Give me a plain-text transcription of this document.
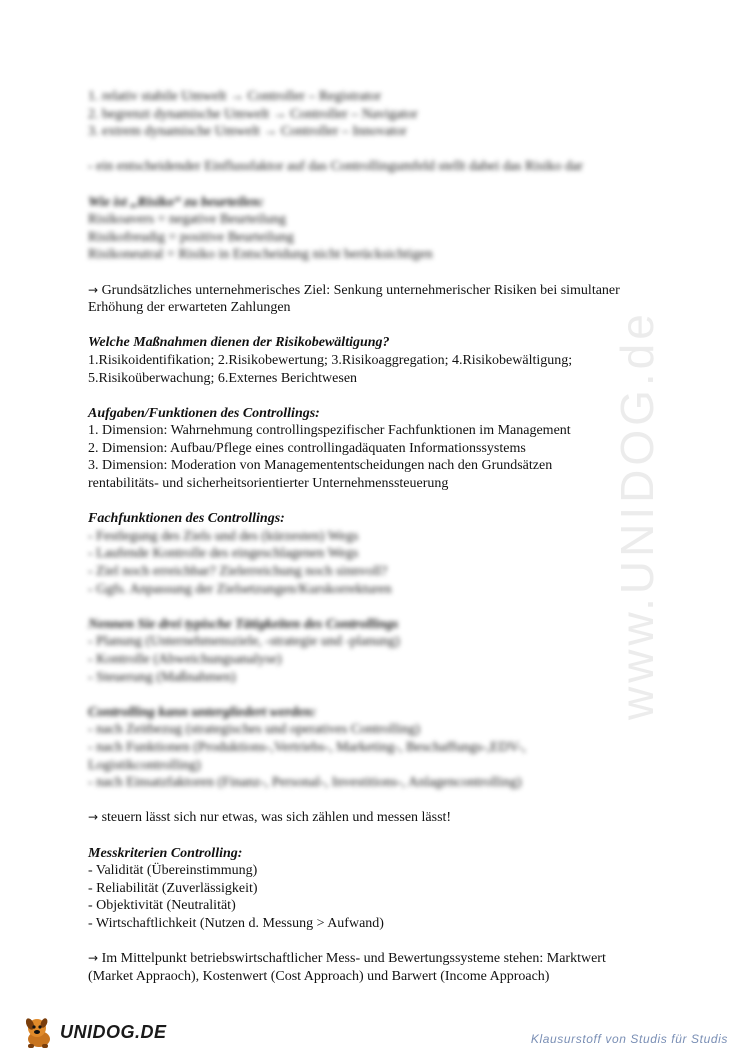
www.UNIDOG.de
1. relativ stabile Umwelt → Controller – Registrator
2. begrenzt dynamische Umwelt → Controller – Navigator
3. extrem dynamische Umwelt → Controller – Innovator
- ein entscheidender Einflussfaktor auf das Controllingumfeld stellt dabei das Risiko dar
Wie ist „Risiko“ zu beurteilen:
Risikoavers = negative Beurteilung
Risikofreudig = positive Beurteilung
Risikoneutral = Risiko in Entscheidung nicht berücksichtigen
→ Grundsätzliches unternehmerisches Ziel: Senkung unternehmerischer Risiken bei simultaner Erhöhung der erwarteten Zahlungen
Welche Maßnahmen dienen der Risikobewältigung?
1.Risikoidentifikation; 2.Risikobewertung; 3.Risikoaggregation; 4.Risikobewältigung;
5.Risikoüberwachung; 6.Externes Berichtwesen
Aufgaben/Funktionen des Controllings:
1. Dimension: Wahrnehmung controllingspezifischer Fachfunktionen im Management
2. Dimension: Aufbau/Pflege eines controllingadäquaten Informationssystems
3. Dimension: Moderation von Managemententscheidungen nach den Grundsätzen
rentabilitäts- und sicherheitsorientierter Unternehmenssteuerung
Fachfunktionen des Controllings:
- Festlegung des Ziels und des (kürzesten) Wegs
- Laufende Kontrolle des eingeschlagenen Wegs
- Ziel noch erreichbar? Zielerreichung noch sinnvoll?
- Ggfs. Anpassung der Zielsetzungen/Kurskorrekturen
Nennen Sie drei typische Tätigkeiten des Controllings
- Planung (Unternehmensziele, -strategie und -planung)
- Kontrolle (Abweichungsanalyse)
- Steuerung (Maßnahmen)
Controlling kann untergliedert werden:
- nach Zeitbezug (strategisches und operatives Controlling)
- nach Funktionen (Produktions-,Vertriebs-, Marketing-, Beschaffungs-,EDV-,
Logistikcontrolling)
- nach Einsatzfaktoren (Finanz-, Personal-, Investitions-, Anlagencontrolling)
→ steuern lässt sich nur etwas, was sich zählen und messen lässt!
Messkriterien Controlling:
- Validität (Übereinstimmung)
- Reliabilität (Zuverlässigkeit)
- Objektivität (Neutralität)
- Wirtschaftlichkeit (Nutzen d. Messung > Aufwand)
→ Im Mittelpunkt betriebswirtschaftlicher Mess- und Bewertungssysteme stehen: Marktwert (Market Appraoch), Kostenwert (Cost Approach) und Barwert (Income Approach)
UNIDOG.DE	Klausurstoff von Studis für Studis
